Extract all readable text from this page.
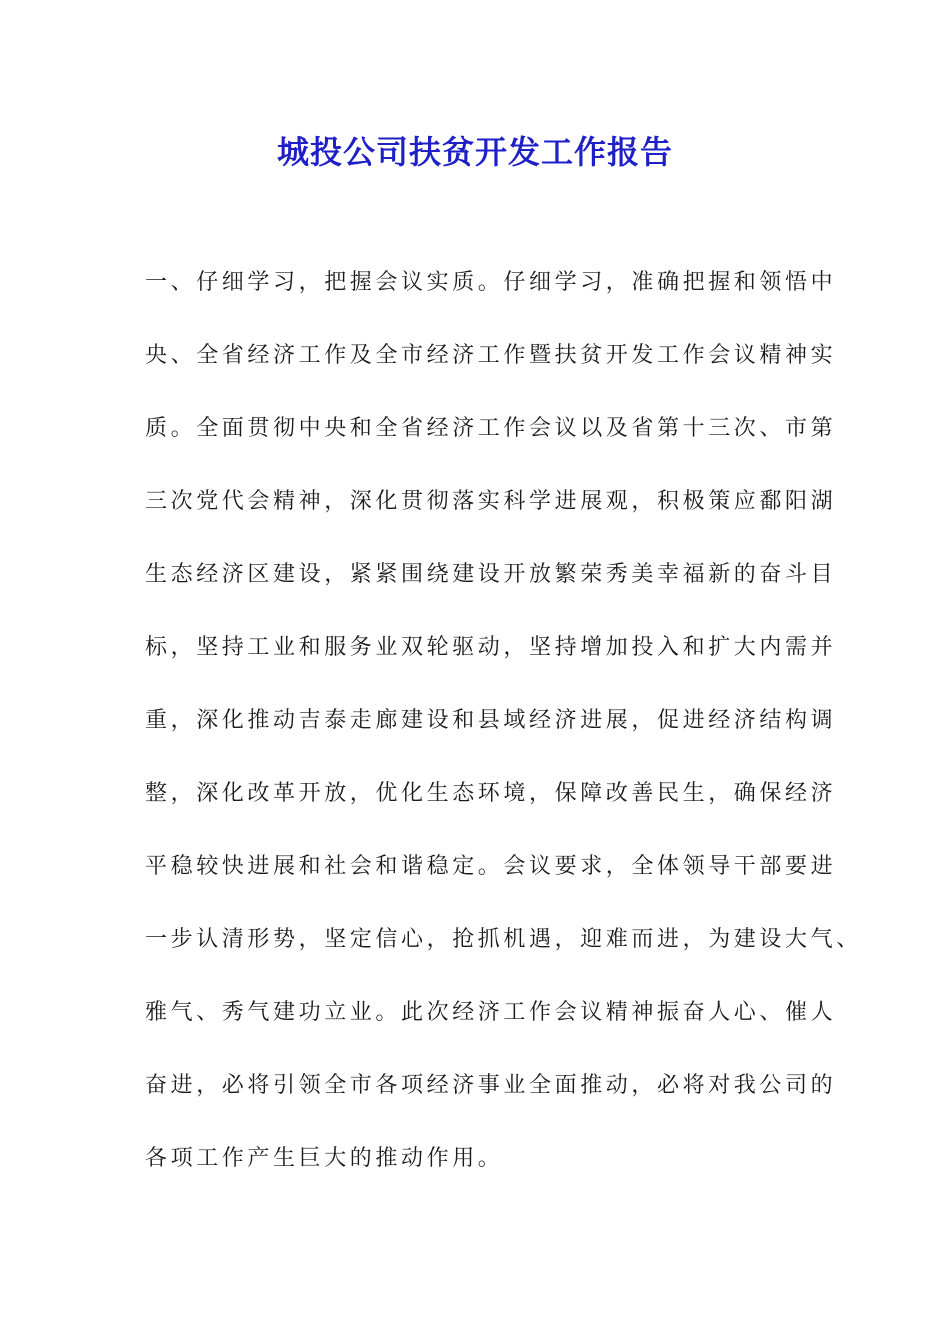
城投公司扶贫开发工作报告
一、仔细学习，把握会议实质。仔细学习，准确把握和领悟中
央、全省经济工作及全市经济工作暨扶贫开发工作会议精神实
质。全面贯彻中央和全省经济工作会议以及省第十三次、市第
三次党代会精神，深化贯彻落实科学进展观，积极策应鄱阳湖
生态经济区建设，紧紧围绕建设开放繁荣秀美幸福新的奋斗目
标，坚持工业和服务业双轮驱动，坚持增加投入和扩大内需并
重，深化推动吉泰走廊建设和县域经济进展，促进经济结构调
整，深化改革开放，优化生态环境，保障改善民生，确保经济
平稳较快进展和社会和谐稳定。会议要求，全体领导干部要进
一步认清形势，坚定信心，抢抓机遇，迎难而进，为建设大气、
雅气、秀气建功立业。此次经济工作会议精神振奋人心、催人
奋进，必将引领全市各项经济事业全面推动，必将对我公司的
各项工作产生巨大的推动作用。
